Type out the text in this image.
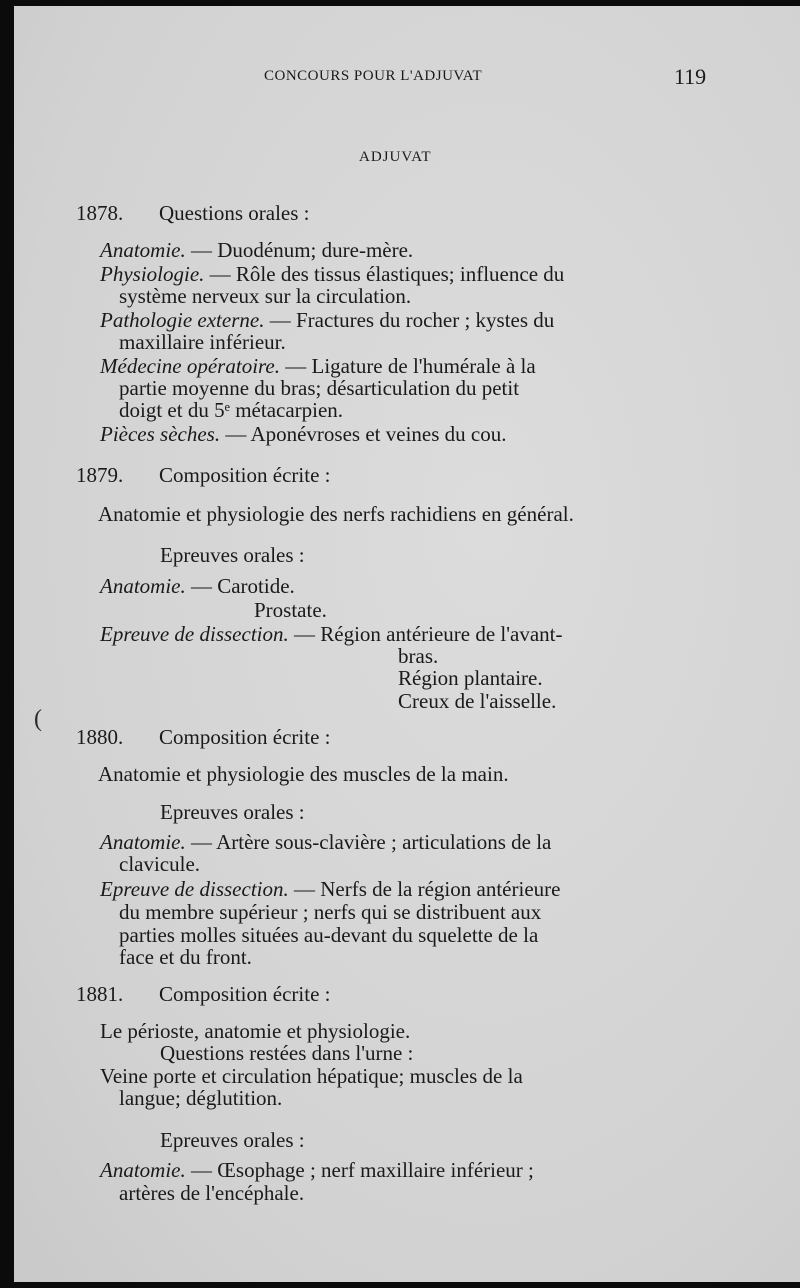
CONCOURS POUR L'ADJUVAT	119
ADJUVAT
1878. Questions orales :
Anatomie. — Duodénum; dure-mère.
Physiologie. — Rôle des tissus élastiques; influence du
système nerveux sur la circulation.
Pathologie externe. — Fractures du rocher ; kystes du
maxillaire inférieur.
Médecine opératoire. — Ligature de l'humérale à la
partie moyenne du bras; désarticulation du petit
doigt et du 5ᵉ métacarpien.
Pièces sèches. — Aponévroses et veines du cou.
1879. Composition écrite :
Anatomie et physiologie des nerfs rachidiens en général.
Epreuves orales :
Anatomie. — Carotide.
Prostate.
Epreuve de dissection. — Région antérieure de l'avant-
bras.
Région plantaire.
Creux de l'aisselle.
(
1880. Composition écrite :
Anatomie et physiologie des muscles de la main.
Epreuves orales :
Anatomie. — Artère sous-clavière ; articulations de la
clavicule.
Epreuve de dissection. — Nerfs de la région antérieure
du membre supérieur ; nerfs qui se distribuent aux
parties molles situées au-devant du squelette de la
face et du front.
1881. Composition écrite :
Le périoste, anatomie et physiologie.
Questions restées dans l'urne :
Veine porte et circulation hépatique; muscles de la
langue; déglutition.
Epreuves orales :
Anatomie. — Œsophage ; nerf maxillaire inférieur ;
artères de l'encéphale.
